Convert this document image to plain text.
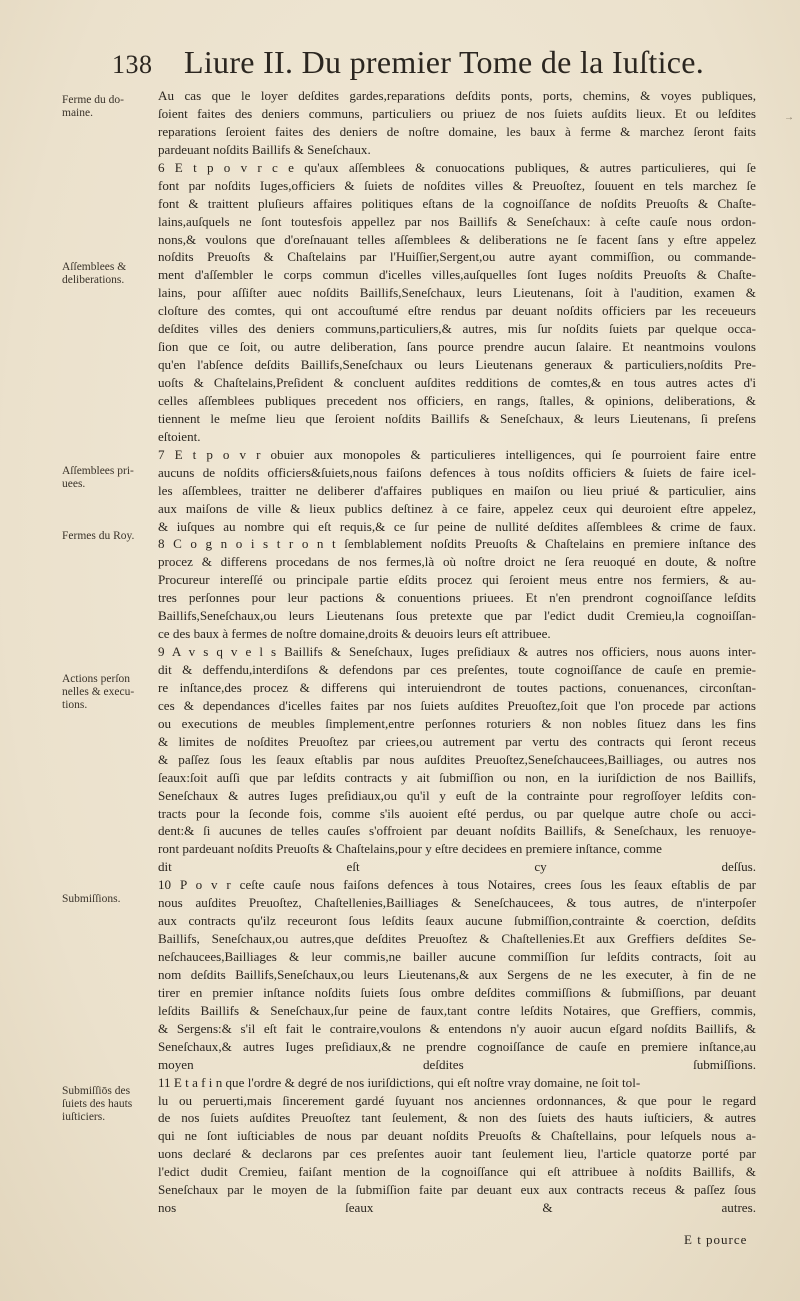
138 Liure II. Du premier Tome de la Iuſtice.
Ferme du do- maine.
Aſſemblees & deliberations.
Aſſemblees pri- uees.
Fermes du Roy.
Actions perſon nelles & execu- tions.
Submiſſions.
Submiſſiōs des ſuiets des hauts iuſticiers.
Au cas que le loyer deſdites gardes,reparations deſdits ponts, ports, chemins, & voyes publiques,
ſoient faites des deniers communs, particuliers ou priuez de nos ſuiets auſdits lieux. Et ou leſdites
reparations ſeroient faites des deniers de noſtre domaine, les baux à ferme & marchez ſeront faits
pardeuant noſdits Baillifs & Seneſchaux.
6 E t p o v r c e qu'aux aſſemblees & conuocations publiques, & autres particulieres, qui ſe
font par noſdits Iuges,officiers & ſuiets de noſdites villes & Preuoſtez, ſouuent en tels marchez ſe
font & traittent pluſieurs affaires politiques eſtans de la cognoiſſance de noſdits Preuoſts & Chaſte-
lains,auſquels ne ſont toutesfois appellez par nos Baillifs & Seneſchaux: à ceſte cauſe nous ordon-
nons,& voulons que d'oreſnauant telles aſſemblees & deliberations ne ſe facent ſans y eſtre appelez
noſdits Preuoſts & Chaſtelains par l'Huiſſier,Sergent,ou autre ayant commiſſion, ou commande-
ment d'aſſembler le corps commun d'icelles villes,auſquelles ſont Iuges noſdits Preuoſts & Chaſte-
lains, pour aſſiſter auec noſdits Baillifs,Seneſchaux, leurs Lieutenans, ſoit à l'audition, examen &
cloſture des comtes, qui ont accouſtumé eſtre rendus par deuant noſdits officiers par les receueurs
deſdites villes des deniers communs,particuliers,& autres, mis ſur noſdits ſuiets par quelque occa-
ſion que ce ſoit, ou autre deliberation, ſans pource prendre aucun ſalaire. Et neantmoins voulons
qu'en l'abſence deſdits Baillifs,Seneſchaux ou leurs Lieutenans generaux & particuliers,noſdits Pre-
uoſts & Chaſtelains,Preſident & concluent auſdites redditions de comtes,& en tous autres actes d'i
celles aſſemblees publiques precedent nos officiers, en rangs, ſtalles, & opinions, deliberations, &
tiennent le meſme lieu que ſeroient noſdits Baillifs & Seneſchaux, & leurs Lieutenans, ſi preſens
eſtoient.
7 E t p o v r obuier aux monopoles & particulieres intelligences, qui ſe pourroient faire entre
aucuns de noſdits officiers&ſuiets,nous faiſons defences à tous noſdits officiers & ſuiets de faire icel-
les aſſemblees, traitter ne deliberer d'affaires publiques en maiſon ou lieu priué & particulier, ains
aux maiſons de ville & lieux publics deſtinez à ce faire, appelez ceux qui deuroient eſtre appelez,
& iuſques au nombre qui eſt requis,& ce ſur peine de nullité deſdites aſſemblees & crime de faux.
8 C o g n o i s t r o n t ſemblablement noſdits Preuoſts & Chaſtelains en premiere inſtance des
procez & differens procedans de nos fermes,là où noſtre droict ne ſera reuoqué en doute, & noſtre
Procureur intereſſé ou principale partie eſdits procez qui ſeroient meus entre nos fermiers, & au-
tres perſonnes pour leur pactions & conuentions priuees. Et n'en prendront cognoiſſance leſdits
Baillifs,Seneſchaux,ou leurs Lieutenans ſous pretexte que par l'edict dudit Cremieu,la cognoiſſan-
ce des baux à fermes de noſtre domaine,droits & deuoirs leurs eſt attribuee.
9 A v s q v e l s Baillifs & Seneſchaux, Iuges preſidiaux & autres nos officiers, nous auons inter-
dit & deffendu,interdiſons & defendons par ces preſentes, toute cognoiſſance de cauſe en premie-
re inſtance,des procez & differens qui interuiendront de toutes pactions, conuenances, circonſtan-
ces & dependances d'icelles faites par nos ſuiets auſdites Preuoſtez,ſoit que l'on procede par actions
ou executions de meubles ſimplement,entre perſonnes roturiers & non nobles ſituez dans les fins
& limites de noſdites Preuoſtez par criees,ou autrement par vertu des contracts qui ſeront receus
& paſſez ſous les ſeaux eſtablis par nous auſdites Preuoſtez,Seneſchaucees,Bailliages, ou autres nos
ſeaux:ſoit auſſi que par leſdits contracts y ait ſubmiſſion ou non, en la iuriſdiction de nos Baillifs,
Seneſchaux & autres Iuges preſidiaux,ou qu'il y euſt de la contrainte pour regroſſoyer leſdits con-
tracts pour la ſeconde fois, comme s'ils auoient eſté perdus, ou par quelque autre choſe ou acci-
dent:& ſi aucunes de telles cauſes s'offroient par deuant noſdits Baillifs, & Seneſchaux, les renuoye-
ront pardeuant noſdits Preuoſts & Chaſtelains,pour y eſtre decidees en premiere inſtance, comme
dit eſt cy deſſus.
10 P o v r ceſte cauſe nous faiſons defences à tous Notaires, crees ſous les ſeaux eſtablis de par
nous auſdites Preuoſtez, Chaſtellenies,Bailliages & Seneſchaucees, & tous autres, de n'interpoſer
aux contracts qu'ilz receuront ſous leſdits ſeaux aucune ſubmiſſion,contrainte & coerction, deſdits
Baillifs, Seneſchaux,ou autres,que deſdites Preuoſtez & Chaſtellenies.Et aux Greffiers deſdites Se-
neſchaucees,Bailliages & leur commis,ne bailler aucune commiſſion ſur leſdits contracts, ſoit au
nom deſdits Baillifs,Seneſchaux,ou leurs Lieutenans,& aux Sergens de ne les executer, à fin de ne
tirer en premier inſtance noſdits ſuiets ſous ombre deſdites commiſſions & ſubmiſſions, par deuant
leſdits Baillifs & Seneſchaux,ſur peine de faux,tant contre leſdits Notaires, que Greffiers, commis,
& Sergens:& s'il eſt fait le contraire,voulons & entendons n'y auoir aucun eſgard noſdits Baillifs, &
Seneſchaux,& autres Iuges preſidiaux,& ne prendre cognoiſſance de cauſe en premiere inſtance,au
moyen deſdites ſubmiſſions.
11 E t a f i n que l'ordre & degré de nos iuriſdictions, qui eſt noſtre vray domaine, ne ſoit tol-
lu ou peruerti,mais ſincerement gardé ſuyuant nos anciennes ordonnances, & que pour le regard
de nos ſuiets auſdites Preuoſtez tant ſeulement, & non des ſuiets des hauts iuſticiers, & autres
qui ne ſont iuſticiables de nous par deuant noſdits Preuoſts & Chaſtellains, pour leſquels nous a-
uons declaré & declarons par ces preſentes auoir tant ſeulement lieu, l'article quatorze porté par
l'edict dudit Cremieu, faiſant mention de la cognoiſſance qui eſt attribuee à noſdits Baillifs, &
Seneſchaux par le moyen de la ſubmiſſion faite par deuant eux aux contracts receus & paſſez ſous
nos ſeaux & autres.
E t pource
→
